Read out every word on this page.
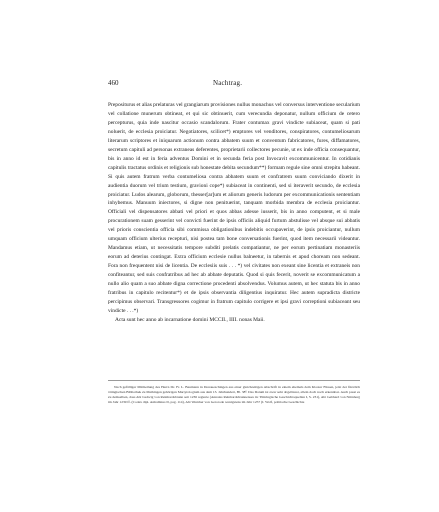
460	Nachtrag.

Prepositurus et alias prelaturas vel grangiarum provisiones nullus monachus vel conversus interventione secularium vel collatione munerum obtineat, et qui sic obtinuerit, cum verecundia deponatur, nullum officium de cetero percepturus, quia inde nascitur occasio scandalorum. Frater contumax gravi vindicte subiaceat, quam si pati noluerit, de ecclesia proiciatur. Negotiatores, scilicet*) emptores vel venditores, conspiratores, contumeliosarum literarum scriptores et iniquarum actionum contra abbatem suum et conventum fabricatores, fures, diffamatores, secretum capituli ad personas extraneas deferentes, proprietarii collectores pecunie, ut ex inde officia consequantur, bis in anno id est in feria adventus Domini et in secunda feria post Invocavit excommunicentur. In cotidianis capitulis tractatus ordinis et religionis sub honestate debita secundum**) formam regule sine omni strepitu habeant. Si quis autem fratrum verba contumeliosa contra abbatem suum et confratrem suum conviciando dixerit in audientia duorum vel trium testium, gravioni cope*) subiaceat in continenti, sed si iteraverit secundo, de ecclesia proiciatur. Ludos alearum, globorum, thesser[ar]um et aliorum generis ludorum per excommunicationis sententiam inhybemus. Manuum iniectores, si digne non penituerint, tanquam morbida membra de ecclesia proiciantur. Officiali vel dispensatores abbati vel priori et quos abbas adesse iusserit, bis in anno computent, et si male procurationem suam gesserint vel convicti fuerint de ipsis officiis aliquid furtum abstulisse vel absque sui abbatis vel prioris conscientia officia sibi commissa obligationibus indebitis occupaverint, de ipsis proiciantur, nullum umquam officium ulterius recepturi, nisi postea tam bone conversationis fuerint, quod item necessarii videantur. Mandamus etiam, ut necessitatis tempore subditi prelatis compatiantur, ne per eorum pertinatiam monasteriis eorum ad deterius contingat. Extra officium ecclesie nullus balneetur, in tabernis et apud choream non sedeant. Fora non frequentent nisi de licentia. De ecclesiis suis . . . *) vel civitates non exeant sine licentia et extraneis non confiteantur, sed suis confratribus ad hec ab abbate deputatis. Quod si quis fecerit, noverit se excommunicatum a nullo alio quam a suo abbate digna correctione procedenti absolvendus. Volumus autem, ut hec statuta bis in anno fratribus in capitulo recitentur*) et de ipsis observantia diligentius inquiratur. Hec autem supradicta districte percipimus observari. Transgressores cogimur in fratrum capitulo corrigere et ipsi gravi correptioni subiaceant seu vindicte . . .*)

Acta sunt hec anno ab incarnatione domini MCCII., IIII. nonas Maii.

Nach gefälliger Mittheilung des Herrn Dr. Fr. L. Baumann in Donaueschingen aus einer gleichzeitigen Abschrift in einem ehemals dem Kloster Füssen, jetzt der fürstlich öttingischen Bibliothek zu Maihingen gehörigen Martyrologium aus dem 13. Jahrhundert, Bl. 38ª. Das Datum ist zwar sehr abgeblasst, allein doch noch erkennbar. Auch passt es zu demselben, dass Abt Ludwig von Reinhardsbrunn seit 1236 regierte (Annales Reinhardsbrunnenses in: Thüringische Geschichtsquellen I, S. 231), Abt Gebhard von Nürnberg im Jahr 1239 ff. (Codex dipl. Anhaltinus II, pag. 114), Abt Wernher von Gerorode wenigstens im Jahr 1257 (I. Wolf, politische Geschichte
